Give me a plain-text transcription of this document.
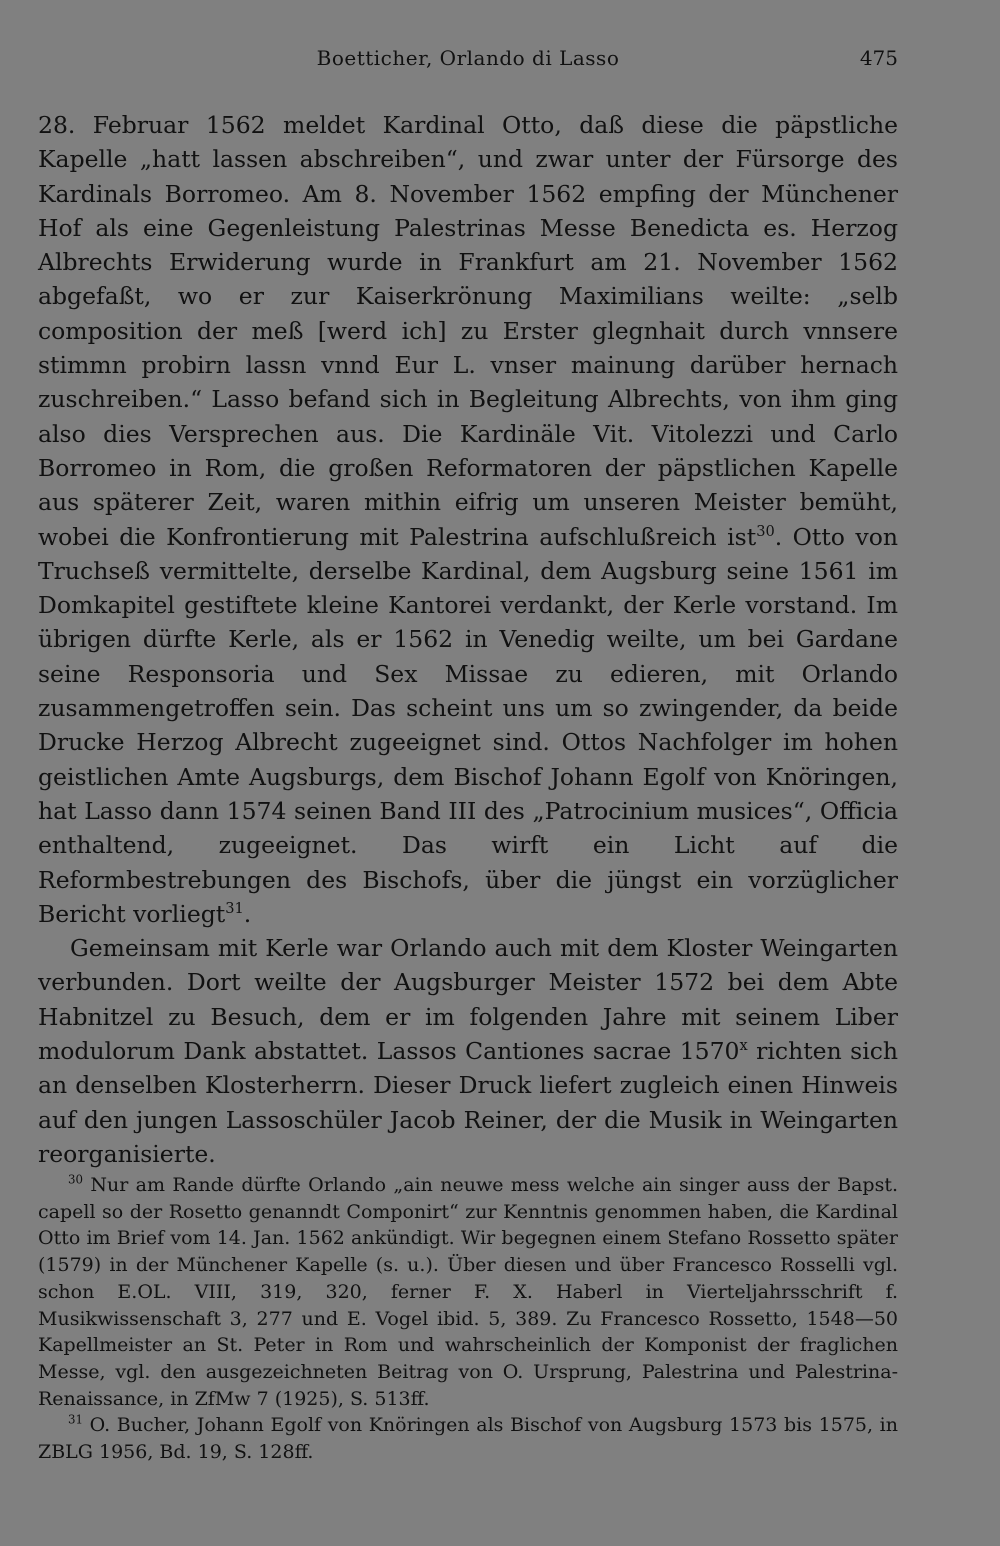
Boetticher, Orlando di Lasso	475

28. Februar 1562 meldet Kardinal Otto, daß diese die päpstliche Kapelle „hatt lassen abschreiben“, und zwar unter der Fürsorge des Kardinals Borromeo. Am 8. November 1562 empfing der Münchener Hof als eine Gegenleistung Palestrinas Messe Benedicta es. Herzog Albrechts Erwiderung wurde in Frankfurt am 21. November 1562 abgefaßt, wo er zur Kaiserkrönung Maximilians weilte: „selb composition der meß [werd ich] zu Erster glegnhait durch vnnsere stimmn probirn lassn vnnd Eur L. vnser mainung darüber hernach zuschreiben.“ Lasso befand sich in Begleitung Albrechts, von ihm ging also dies Versprechen aus. Die Kardinäle Vit. Vitolezzi und Carlo Borromeo in Rom, die großen Reformatoren der päpstlichen Kapelle aus späterer Zeit, waren mithin eifrig um unseren Meister bemüht, wobei die Konfrontierung mit Palestrina aufschlußreich ist$^{30}$. Otto von Truchseß vermittelte, derselbe Kardinal, dem Augsburg seine 1561 im Domkapitel gestiftete kleine Kantorei verdankt, der Kerle vorstand. Im übrigen dürfte Kerle, als er 1562 in Venedig weilte, um bei Gardane seine Responsoria und Sex Missae zu edieren, mit Orlando zusammengetroffen sein. Das scheint uns um so zwingender, da beide Drucke Herzog Albrecht zugeeignet sind. Ottos Nachfolger im hohen geistlichen Amte Augsburgs, dem Bischof Johann Egolf von Knöringen, hat Lasso dann 1574 seinen Band III des „Patrocinium musices“, Officia enthaltend, zugeeignet. Das wirft ein Licht auf die Reformbestrebungen des Bischofs, über die jüngst ein vorzüglicher Bericht vorliegt$^{31}$.

Gemeinsam mit Kerle war Orlando auch mit dem Kloster Weingarten verbunden. Dort weilte der Augsburger Meister 1572 bei dem Abte Habnitzel zu Besuch, dem er im folgenden Jahre mit seinem Liber modulorum Dank abstattet. Lassos Cantiones sacrae 1570$^x$ richten sich an denselben Klosterherrn. Dieser Druck liefert zugleich einen Hinweis auf den jungen Lassoschüler Jacob Reiner, der die Musik in Weingarten reorganisierte.

$^{30}$ Nur am Rande dürfte Orlando „ain neuwe mess welche ain singer auss der Bapst. capell so der Rosetto genanndt Componirt“ zur Kenntnis genommen haben, die Kardinal Otto im Brief vom 14. Jan. 1562 ankündigt. Wir begegnen einem Stefano Rossetto später (1579) in der Münchener Kapelle (s. u.). Über diesen und über Francesco Rosselli vgl. schon E.OL. VIII, 319, 320, ferner F. X. Haberl in Vierteljahrsschrift f. Musikwissenschaft 3, 277 und E. Vogel ibid. 5, 389. Zu Francesco Rossetto, 1548—50 Kapellmeister an St. Peter in Rom und wahrscheinlich der Komponist der fraglichen Messe, vgl. den ausgezeichneten Beitrag von O. Ursprung, Palestrina und Palestrina-Renaissance, in ZfMw 7 (1925), S. 513ff.

$^{31}$ O. Bucher, Johann Egolf von Knöringen als Bischof von Augsburg 1573 bis 1575, in ZBLG 1956, Bd. 19, S. 128ff.
